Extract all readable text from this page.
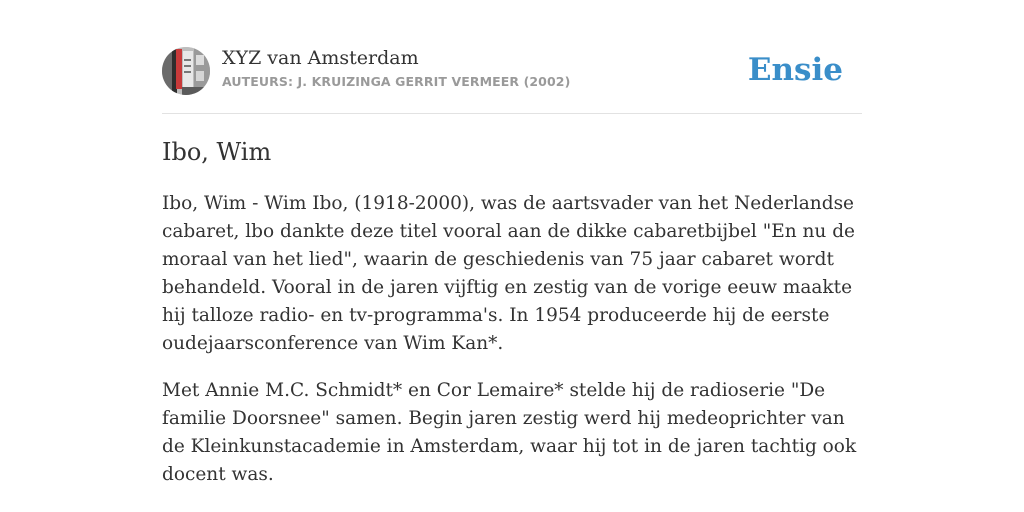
XYZ van Amsterdam
AUTEURS: J. KRUIZINGA GERRIT VERMEER (2002)	Ensie
Ibo, Wim

Ibo, Wim - Wim Ibo, (1918-2000), was de aartsvader van het Nederlandse cabaret, lbo dankte deze titel vooral aan de dikke cabaretbijbel "En nu de moraal van het lied", waarin de geschiedenis van 75 jaar cabaret wordt behandeld. Vooral in de jaren vijftig en zestig van de vorige eeuw maakte hij talloze radio- en tv-programma's. In 1954 produceerde hij de eerste oudejaarsconference van Wim Kan*.

Met Annie M.C. Schmidt* en Cor Lemaire* stelde hij de radioserie "De familie Doorsnee" samen. Begin jaren zestig werd hij medeoprichter van de Kleinkunstacademie in Amsterdam, waar hij tot in de jaren tachtig ook docent was.
